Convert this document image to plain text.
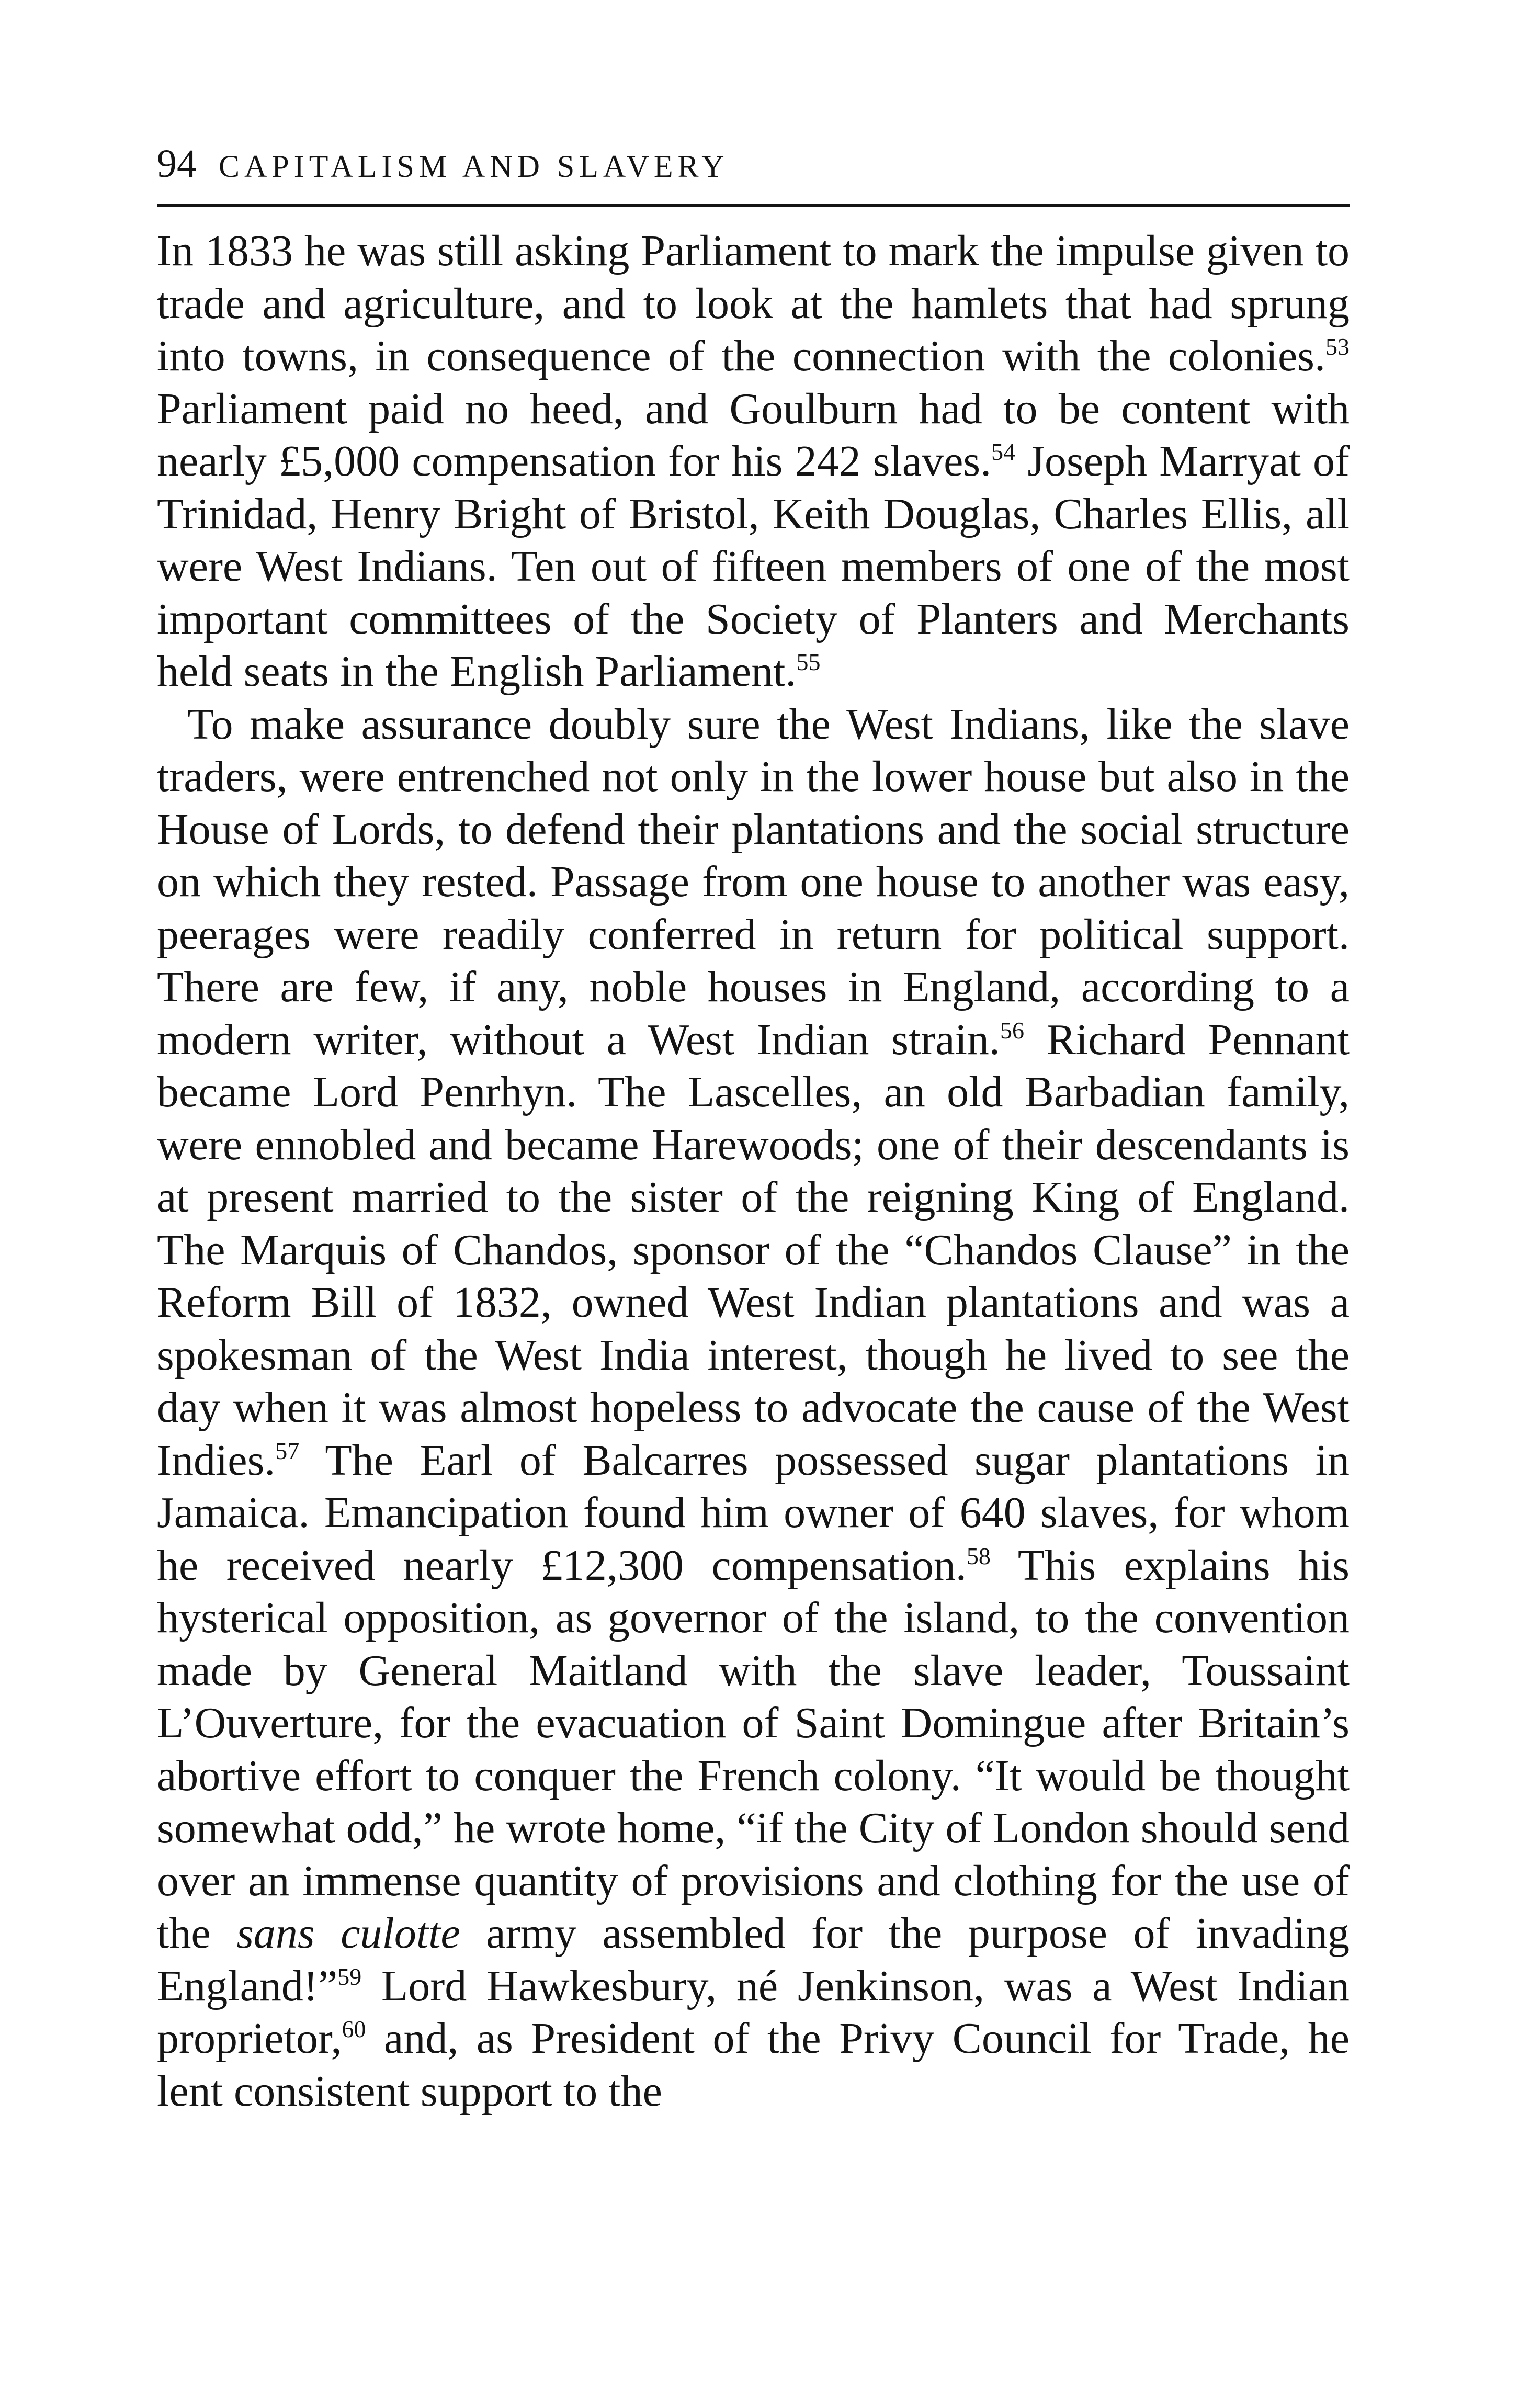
94 CAPITALISM AND SLAVERY

In 1833 he was still asking Parliament to mark the impulse given to trade and agriculture, and to look at the hamlets that had sprung into towns, in consequence of the connection with the colonies.$^{53}$ Parliament paid no heed, and Goulburn had to be content with nearly £5,000 compensation for his 242 slaves.$^{54}$ Joseph Marryat of Trinidad, Henry Bright of Bristol, Keith Douglas, Charles Ellis, all were West Indians. Ten out of fifteen members of one of the most important committees of the Society of Planters and Merchants held seats in the English Parliament.$^{55}$

To make assurance doubly sure the West Indians, like the slave traders, were entrenched not only in the lower house but also in the House of Lords, to defend their plantations and the social structure on which they rested. Passage from one house to another was easy, peerages were readily conferred in return for political support. There are few, if any, noble houses in England, according to a modern writer, without a West Indian strain.$^{56}$ Richard Pennant became Lord Penrhyn. The Lascelles, an old Barbadian family, were ennobled and became Harewoods; one of their descendants is at present married to the sister of the reigning King of England. The Marquis of Chandos, sponsor of the “Chandos Clause” in the Reform Bill of 1832, owned West Indian plantations and was a spokesman of the West India interest, though he lived to see the day when it was almost hopeless to advocate the cause of the West Indies.$^{57}$ The Earl of Balcarres possessed sugar plantations in Jamaica. Emancipation found him owner of 640 slaves, for whom he received nearly £12,300 compensation.$^{58}$ This explains his hysterical opposition, as governor of the island, to the convention made by General Maitland with the slave leader, Toussaint L’Ouverture, for the evacuation of Saint Domingue after Britain’s abortive effort to conquer the French colony. “It would be thought somewhat odd,” he wrote home, “if the City of London should send over an immense quantity of provisions and clothing for the use of the sans culotte army assembled for the purpose of invading England!”$^{59}$ Lord Hawkesbury, né Jenkinson, was a West Indian proprietor,$^{60}$ and, as President of the Privy Council for Trade, he lent consistent support to the
